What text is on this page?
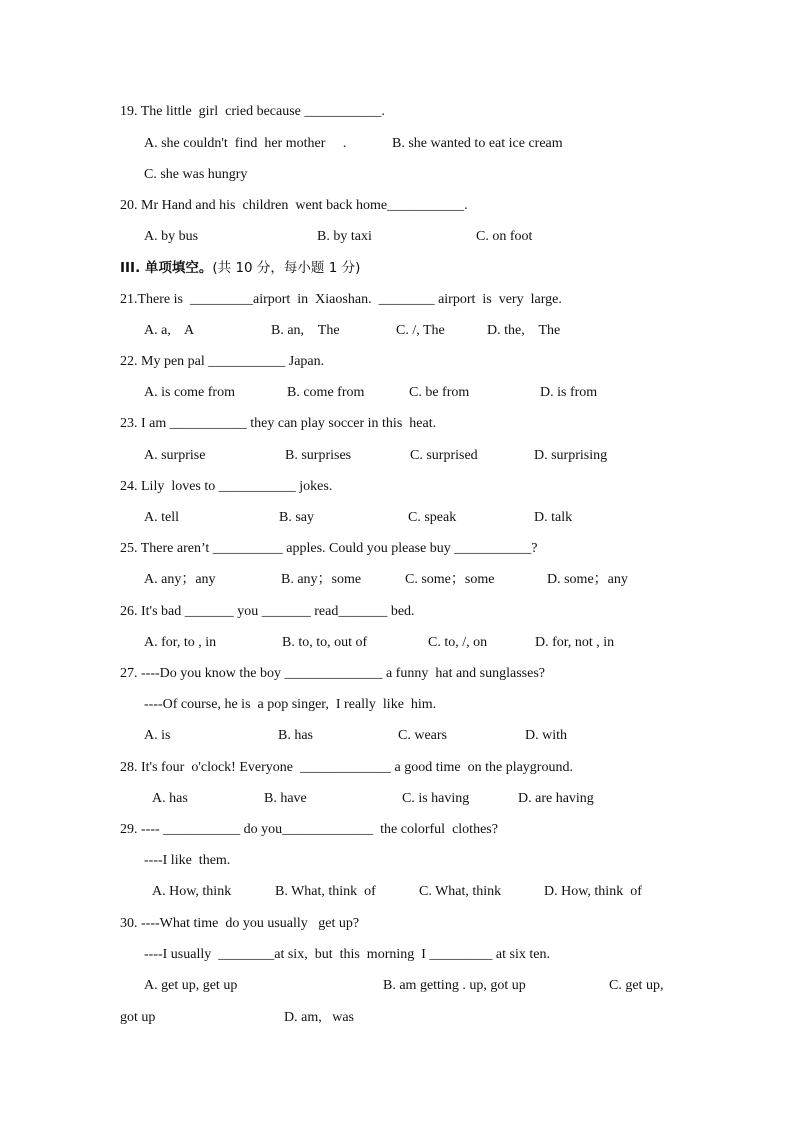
19. The little  girl  cried because ___________.
A. she couldn't  find  her mother     .	B. she wanted to eat ice cream
C. she was hungry
20. Mr Hand and his  children  went back home___________.
A. by bus	B. by taxi	C. on foot
III. 单项填空。(共 10 分，每小题 1 分)
21.There is  _________airport  in  Xiaoshan.  ________ airport  is  very  large.
A. a,    A	B. an,    The	C. /, The	D. the,    The
22. My pen pal ___________ Japan.
A. is come from	B. come from	C. be from	D. is from
23. I am ___________ they can play soccer in this  heat.
A. surprise	B. surprises	C. surprised	D. surprising
24. Lily  loves to ___________ jokes.
A. tell	B. say	C. speak	D. talk
25. There aren’t __________ apples. Could you please buy ___________?
A. any；any	B. any；some	C. some；some	D. some；any
26. It's bad _______ you _______ read_______ bed.
A. for, to , in	B. to, to, out of	C. to, /, on	D. for, not , in
27. ----Do you know the boy ______________ a funny  hat and sunglasses?
----Of course, he is  a pop singer,  I really  like  him.
A. is	B. has	C. wears	D. with
28. It's four  o'clock! Everyone  _____________ a good time  on the playground.
A. has	B. have	C. is having	D. are having
29. ---- ___________ do you_____________  the colorful  clothes?
----I like  them.
A. How, think	B. What, think  of	C. What, think	D. How, think  of
30. ----What time  do you usually   get up?
----I usually  ________at six,  but  this  morning  I _________ at six ten.
A. get up, get up	B. am getting . up, got up	C. get up,
got up	D. am,   was
